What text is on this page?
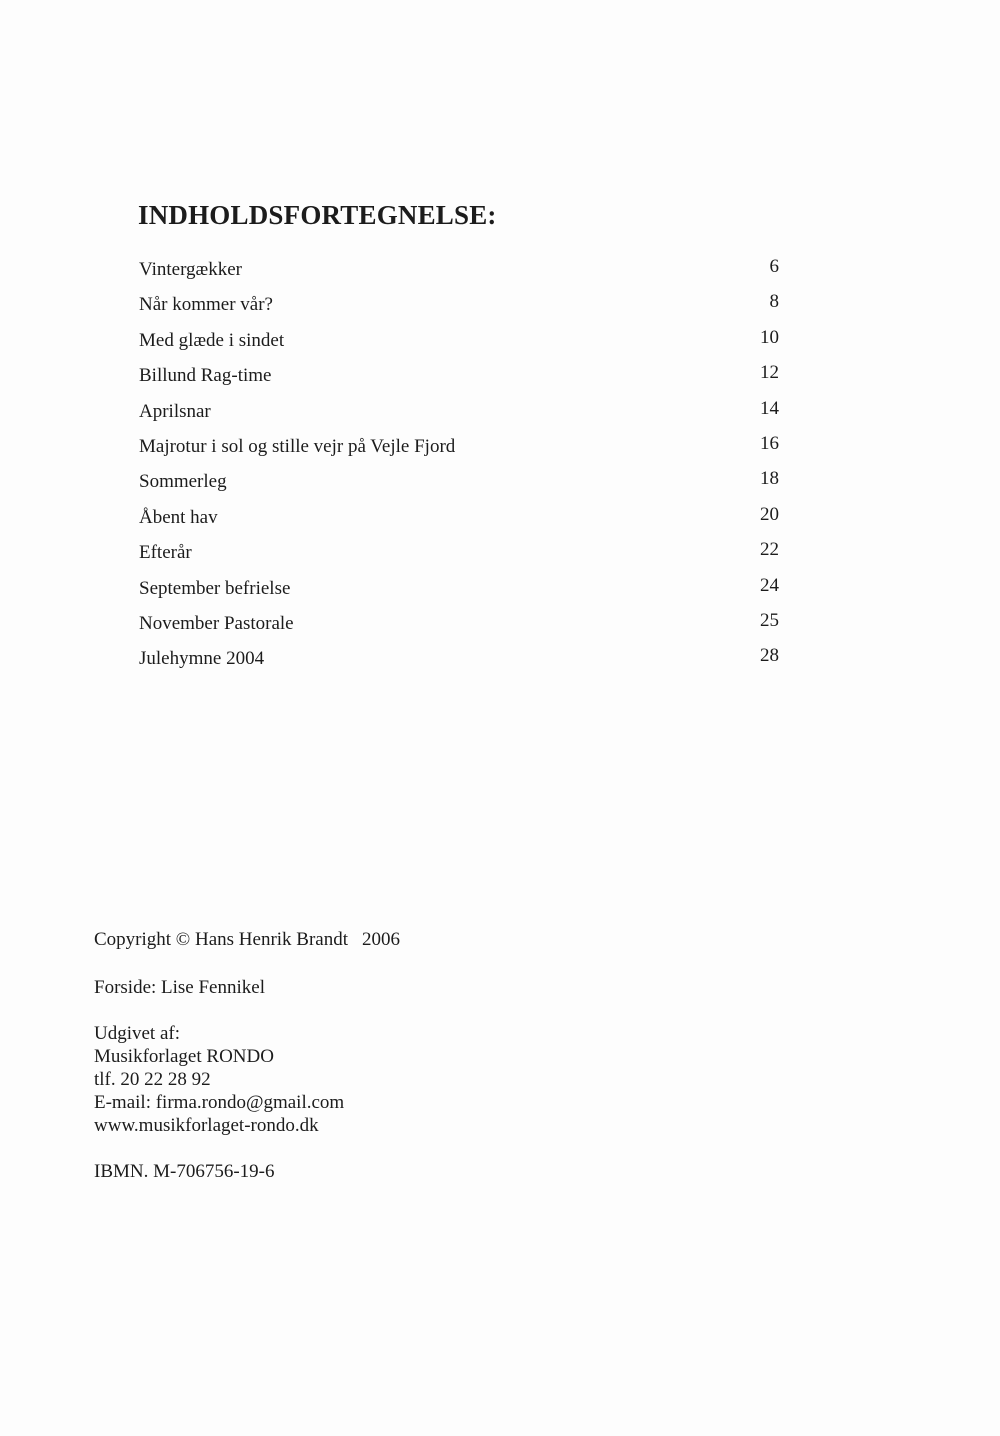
INDHOLDSFORTEGNELSE:
Vintergækker	6
Når kommer vår?	8
Med glæde i sindet	10
Billund Rag-time	12
Aprilsnar	14
Majrotur i sol og stille vejr på Vejle Fjord	16
Sommerleg	18
Åbent hav	20
Efterår	22
September befrielse	24
November Pastorale	25
Julehymne 2004	28

Copyright © Hans Henrik Brandt 2006

Forside: Lise Fennikel

Udgivet af:

Musikforlaget RONDO

tlf. 20 22 28 92

E-mail: firma.rondo@gmail.com

www.musikforlaget-rondo.dk

IBMN. M-706756-19-6
